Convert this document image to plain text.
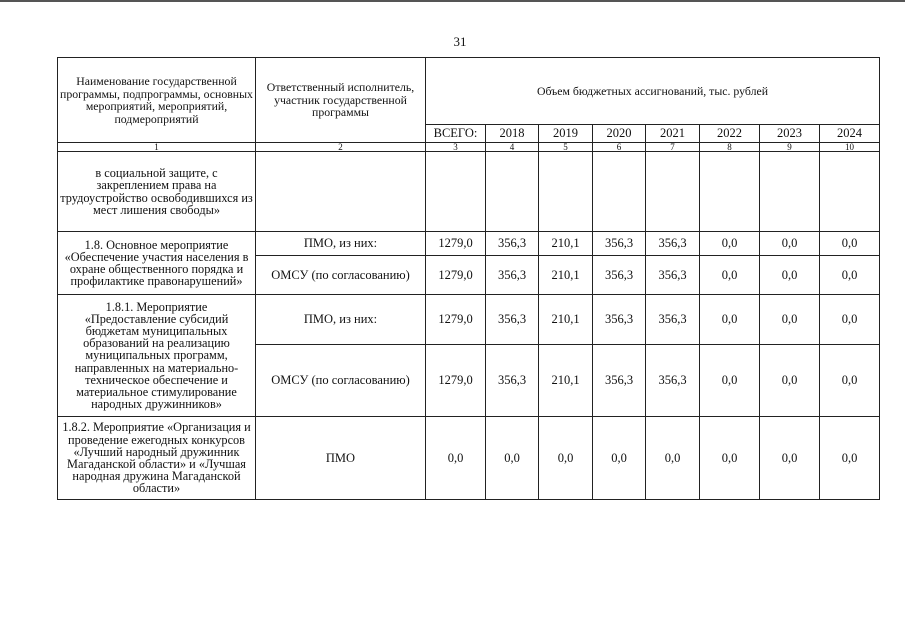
31
Наименование государственной программы, подпрограммы, основных мероприятий, мероприятий, подмероприятий	Ответственный исполнитель, участник государственной программы	Объем бюджетных ассигнований, тыс. рублей							
		ВСЕГО:	2018	2019	2020	2021	2022	2023	2024
1	2	3	4	5	6	7	8	9	10
в социальной защите, с закреплением права на трудоустройство освободившихся из мест лишения свободы»									
1.8. Основное мероприятие «Обеспечение участия населения в охране общественного порядка и профилактике правонарушений»	ПМО, из них:	1279,0	356,3	210,1	356,3	356,3	0,0	0,0	0,0
	ОМСУ (по согласованию)	1279,0	356,3	210,1	356,3	356,3	0,0	0,0	0,0
1.8.1. Мероприятие «Предоставление субсидий бюджетам муниципальных образований на реализацию муниципальных программ, направленных на материально-техническое обеспечение и материальное стимулирование народных дружинников»	ПМО, из них:	1279,0	356,3	210,1	356,3	356,3	0,0	0,0	0,0
	ОМСУ (по согласованию)	1279,0	356,3	210,1	356,3	356,3	0,0	0,0	0,0
1.8.2. Мероприятие «Организация и проведение ежегодных конкурсов «Лучший народный дружинник Магаданской области» и «Лучшая народная дружина Магаданской области»	ПМО	0,0	0,0	0,0	0,0	0,0	0,0	0,0	0,0
